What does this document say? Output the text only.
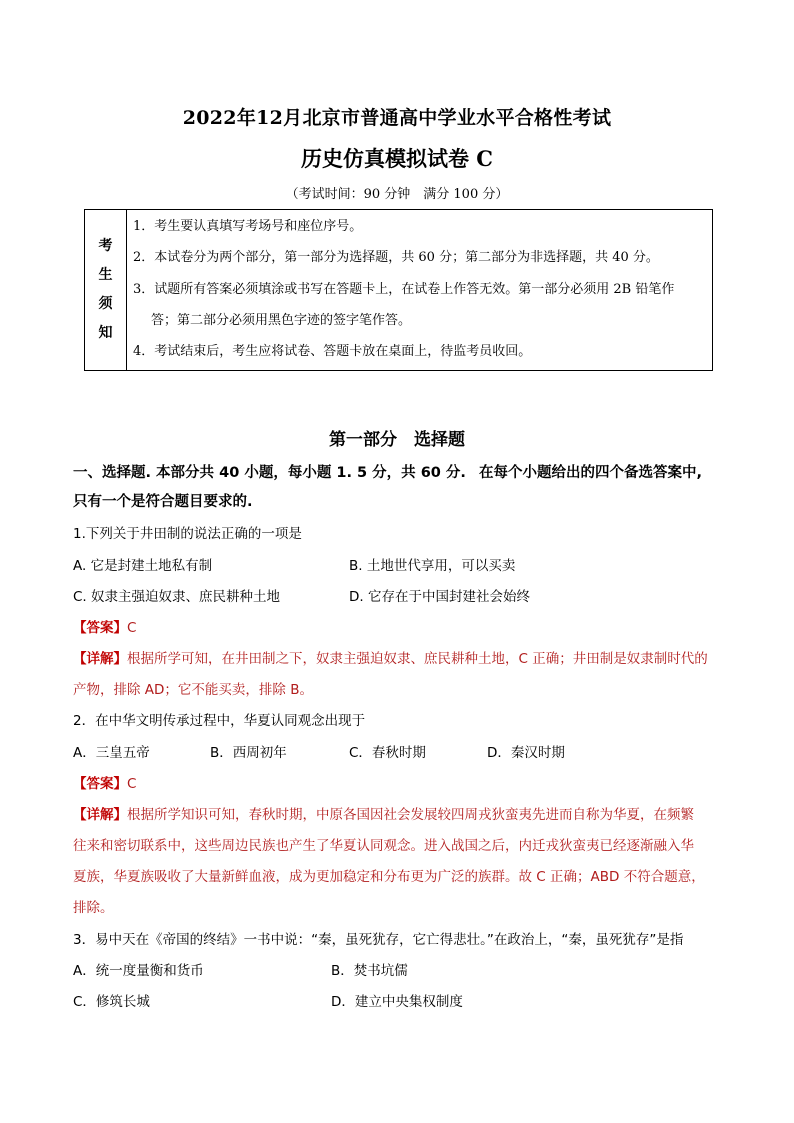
2022年12月北京市普通高中学业水平合格性考试
历史仿真模拟试卷 C
（考试时间：90 分钟　满分 100 分）
考
生
须
知
1．考生要认真填写考场号和座位序号。
2．本试卷分为两个部分，第一部分为选择题，共 60 分；第二部分为非选择题，共 40 分。
3．试题所有答案必须填涂或书写在答题卡上，在试卷上作答无效。第一部分必须用 2B 铅笔作
答；第二部分必须用黑色字迹的签字笔作答。
4．考试结束后，考生应将试卷、答题卡放在桌面上，待监考员收回。
第一部分　选择题
一、选择题. 本部分共 40 小题，每小题 1. 5 分，共 60 分. 在每个小题给出的四个备选答案中,
只有一个是符合题目要求的.
1.下列关于井田制的说法正确的一项是
A. 它是封建土地私有制	B. 土地世代享用，可以买卖
C. 奴隶主强迫奴隶、庶民耕种土地	D. 它存在于中国封建社会始终
【答案】C
【详解】根据所学可知，在井田制之下，奴隶主强迫奴隶、庶民耕种土地，C 正确；井田制是奴隶制时代的
产物，排除 AD；它不能买卖，排除 B。
2．在中华文明传承过程中，华夏认同观念出现于
A．三皇五帝	B．西周初年	C．春秋时期	D．秦汉时期
【答案】C
【详解】根据所学知识可知，春秋时期，中原各国因社会发展较四周戎狄蛮夷先进而自称为华夏，在频繁
往来和密切联系中，这些周边民族也产生了华夏认同观念。进入战国之后，内迁戎狄蛮夷已经逐渐融入华
夏族，华夏族吸收了大量新鲜血液，成为更加稳定和分布更为广泛的族群。故 C 正确；ABD 不符合题意，
排除。
3．易中天在《帝国的终结》一书中说：“秦，虽死犹存，它亡得悲壮。”在政治上，“秦，虽死犹存”是指
A．统一度量衡和货币	B．焚书坑儒
C．修筑长城	D．建立中央集权制度
